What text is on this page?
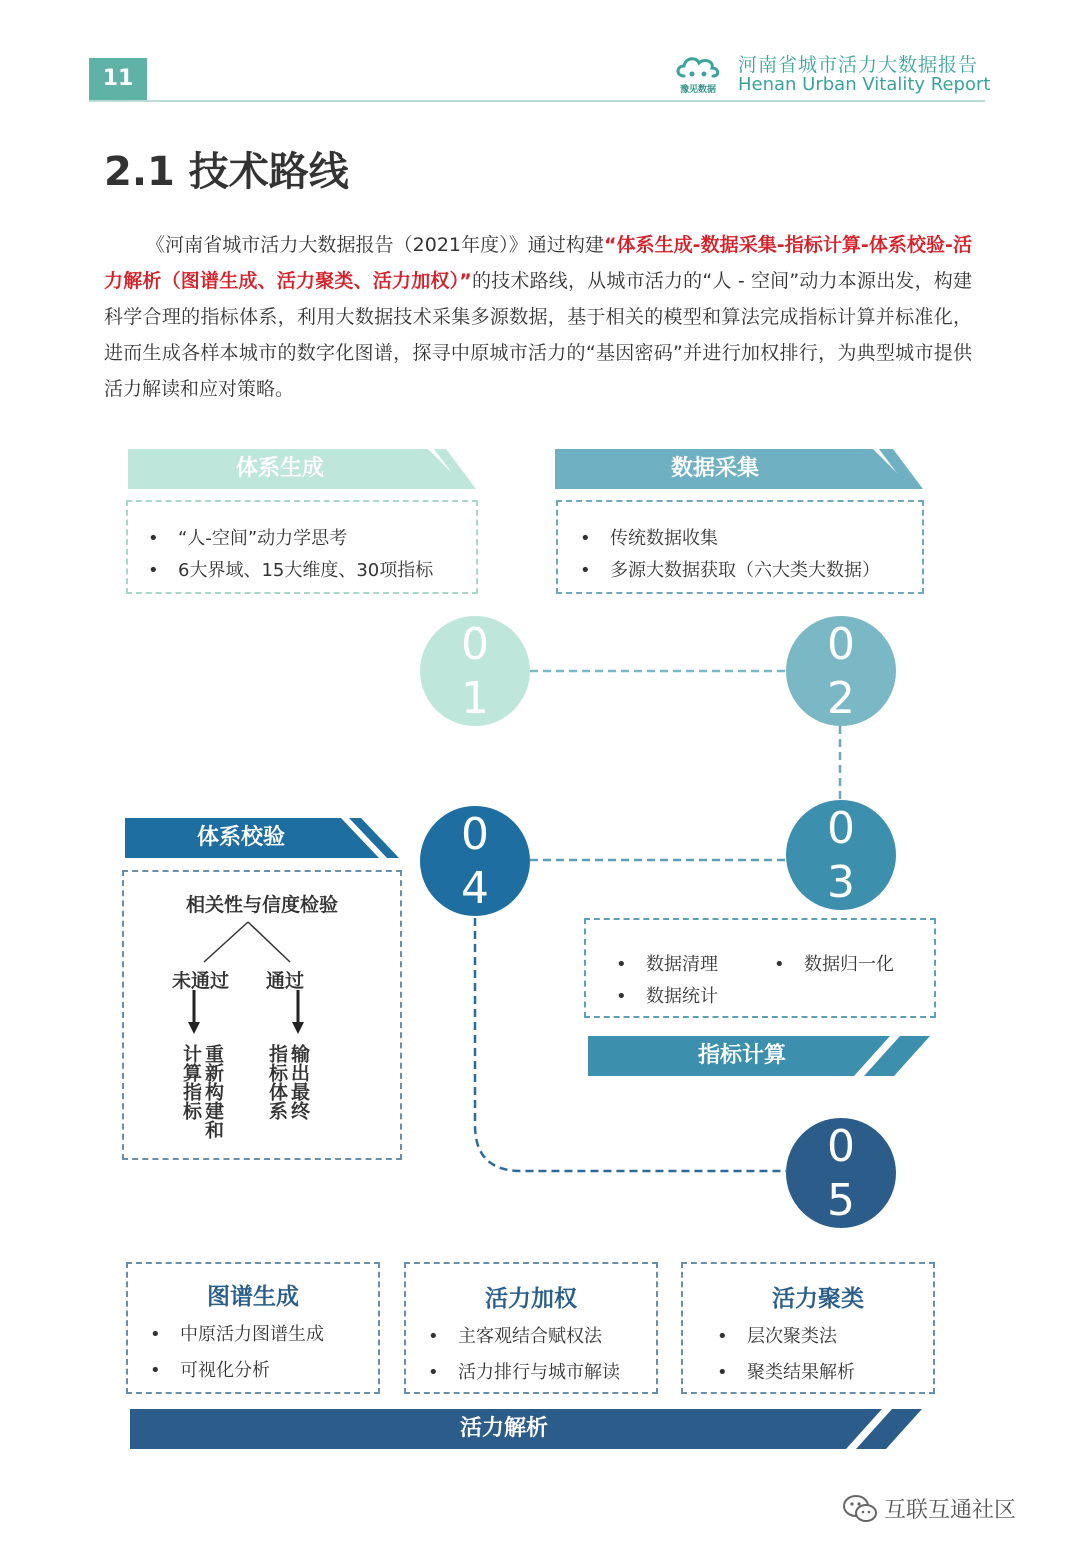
11	豫见数据
河南省城市活力大数据报告
Henan Urban Vitality Report
2.1 技术路线
《河南省城市活力大数据报告（2021年度）》通过构建“体系生成-数据采集-指标计算-体系校验-活力解析（图谱生成、活力聚类、活力加权）”的技术路线，从城市活力的“人 - 空间”动力本源出发，构建科学合理的指标体系，利用大数据技术采集多源数据，基于相关的模型和算法完成指标计算并标准化，进而生成各样本城市的数字化图谱，探寻中原城市活力的“基因密码”并进行加权排行，为典型城市提供活力解读和应对策略。
体系生成
• “人-空间”动力学思考
• 6大界域、15大维度、30项指标
数据采集
• 传统数据收集
• 多源大数据获取（六大类大数据）
0
1
0
2
0
3
0
4
0
5
体系校验
相关性与信度检验
未通过 通过
重新构建和计算指标	输出最终指标体系
• 数据清理	• 数据归一化
• 数据统计
指标计算
图谱生成
• 中原活力图谱生成
• 可视化分析
活力加权
• 主客观结合赋权法
• 活力排行与城市解读
活力聚类
• 层次聚类法
• 聚类结果解析
活力解析
互联互通社区
